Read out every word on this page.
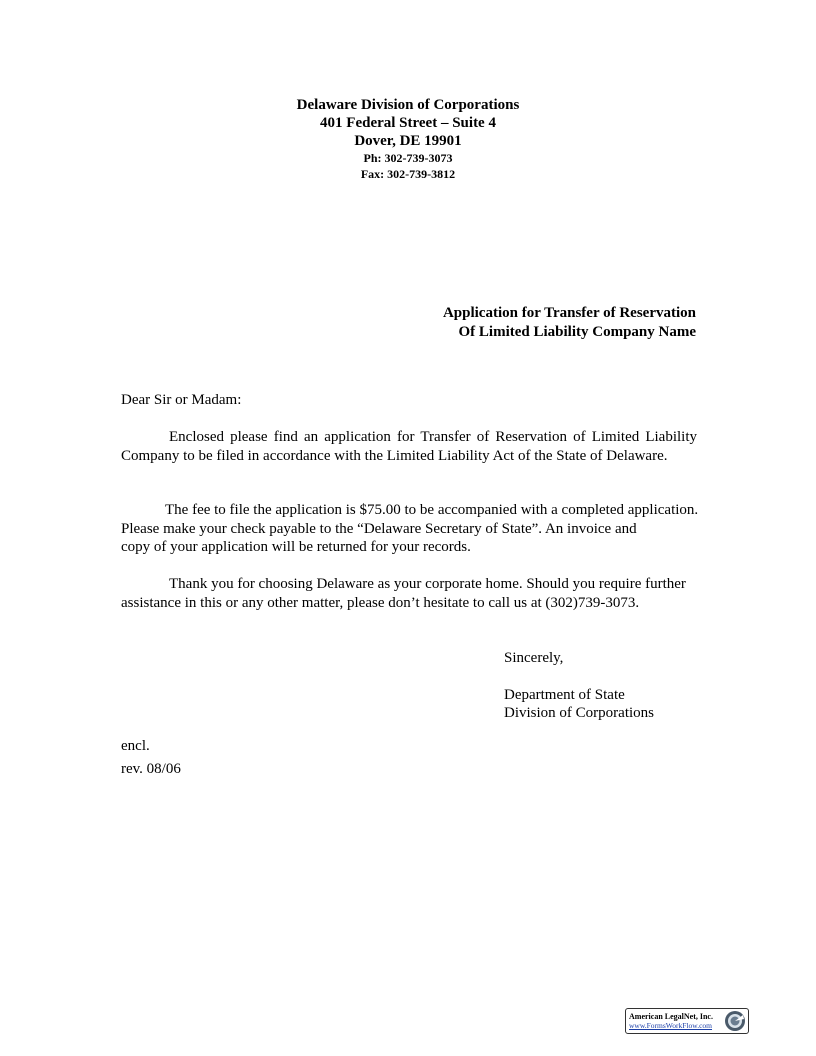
Delaware Division of Corporations
401 Federal Street – Suite 4
Dover, DE 19901
Ph: 302-739-3073
Fax: 302-739-3812
Application for Transfer of Reservation
Of Limited Liability Company Name

Dear Sir or Madam:

Enclosed please find an application for Transfer of Reservation of Limited Liability Company to be filed in accordance with the Limited Liability Act of the State of Delaware.

The fee to file the application is $75.00 to be accompanied with a completed application.
Please make your check payable to the “Delaware Secretary of State”. An invoice and
copy of your application will be returned for your records.

Thank you for choosing Delaware as your corporate home. Should you require further assistance in this or any other matter, please don’t hesitate to call us at (302)739-3073.

Sincerely,
Department of State
Division of Corporations
encl.
rev. 08/06
American LegalNet, Inc.
www.FormsWorkFlow.com
